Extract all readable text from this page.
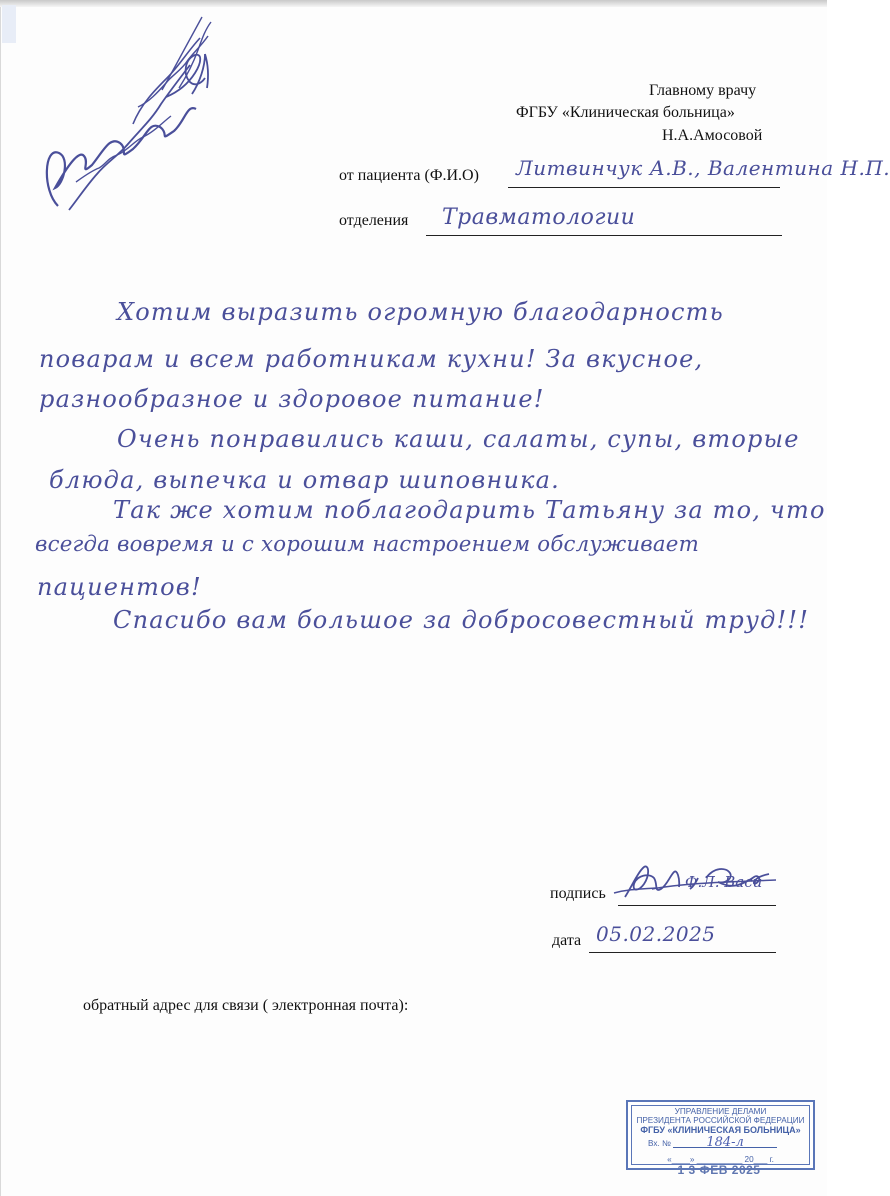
Главному врачу
ФГБУ «Клиническая больница»
Н.А.Амосовой
от пациента (Ф.И.О) Литвинчук А.В., Валентина Н.П.
отделения Травматологии
Хотим выразить огромную благодарность
поварам и всем работникам кухни! За вкусное,
разнообразное и здоровое питание!
Очень понравились каши, салаты, супы, вторые
блюда, выпечка и отвар шиповника.
Так же хотим поблагодарить Татьяну за то, что
всегда вовремя и с хорошим настроением обслуживает
пациентов!
Спасибо вам большое за добросовестный труд!!!
подпись
Ф.Л. Васи
дата 05.02.2025
обратный адрес для связи ( электронная почта):
УПРАВЛЕНИЕ ДЕЛАМИ
ПРЕЗИДЕНТА РОССИЙСКОЙ ФЕДЕРАЦИИ
ФГБУ «КЛИНИЧЕСКАЯ БОЛЬНИЦА»
Вх. №	184-л
«____» __________ 20___ г.
1 3 ФЕВ 2025
